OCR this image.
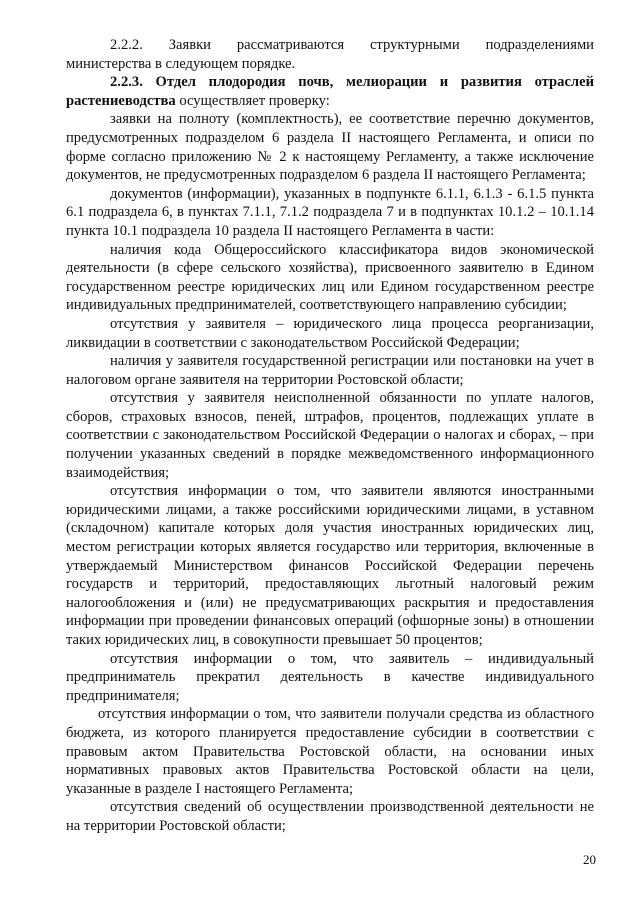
2.2.2. Заявки рассматриваются структурными подразделениями министерства в следующем порядке.

2.2.3. Отдел плодородия почв, мелиорации и развития отраслей растениеводства осуществляет проверку:

заявки на полноту (комплектность), ее соответствие перечню документов, предусмотренных подразделом 6 раздела II настоящего Регламента, и описи по форме согласно приложению № 2 к настоящему Регламенту, а также исключение документов, не предусмотренных подразделом 6 раздела II настоящего Регламента;

документов (информации), указанных в подпункте 6.1.1, 6.1.3 - 6.1.5 пункта 6.1 подраздела 6, в пунктах 7.1.1, 7.1.2 подраздела 7 и в подпунктах 10.1.2 – 10.1.14 пункта 10.1 подраздела 10 раздела II настоящего Регламента в части:

наличия кода Общероссийского классификатора видов экономической деятельности (в сфере сельского хозяйства), присвоенного заявителю в Едином государственном реестре юридических лиц или Едином государственном реестре индивидуальных предпринимателей, соответствующего направлению субсидии;

отсутствия у заявителя – юридического лица процесса реорганизации, ликвидации в соответствии с законодательством Российской Федерации;

наличия у заявителя государственной регистрации или постановки на учет в налоговом органе заявителя на территории Ростовской области;

отсутствия у заявителя неисполненной обязанности по уплате налогов, сборов, страховых взносов, пеней, штрафов, процентов, подлежащих уплате в соответствии с законодательством Российской Федерации о налогах и сборах, – при получении указанных сведений в порядке межведомственного информационного взаимодействия;

отсутствия информации о том, что заявители являются иностранными юридическими лицами, а также российскими юридическими лицами, в уставном (складочном) капитале которых доля участия иностранных юридических лиц, местом регистрации которых является государство или территория, включенные в утверждаемый Министерством финансов Российской Федерации перечень государств и территорий, предоставляющих льготный налоговый режим налогообложения и (или) не предусматривающих раскрытия и предоставления информации при проведении финансовых операций (офшорные зоны) в отношении таких юридических лиц, в совокупности превышает 50 процентов;

отсутствия информации о том, что заявитель – индивидуальный предприниматель прекратил деятельность в качестве индивидуального предпринимателя;

отсутствия информации о том, что заявители получали средства из областного бюджета, из которого планируется предоставление субсидии в соответствии с правовым актом Правительства Ростовской области, на основании иных нормативных правовых актов Правительства Ростовской области на цели, указанные в разделе I настоящего Регламента;

отсутствия сведений об осуществлении производственной деятельности не на территории Ростовской области;

20
